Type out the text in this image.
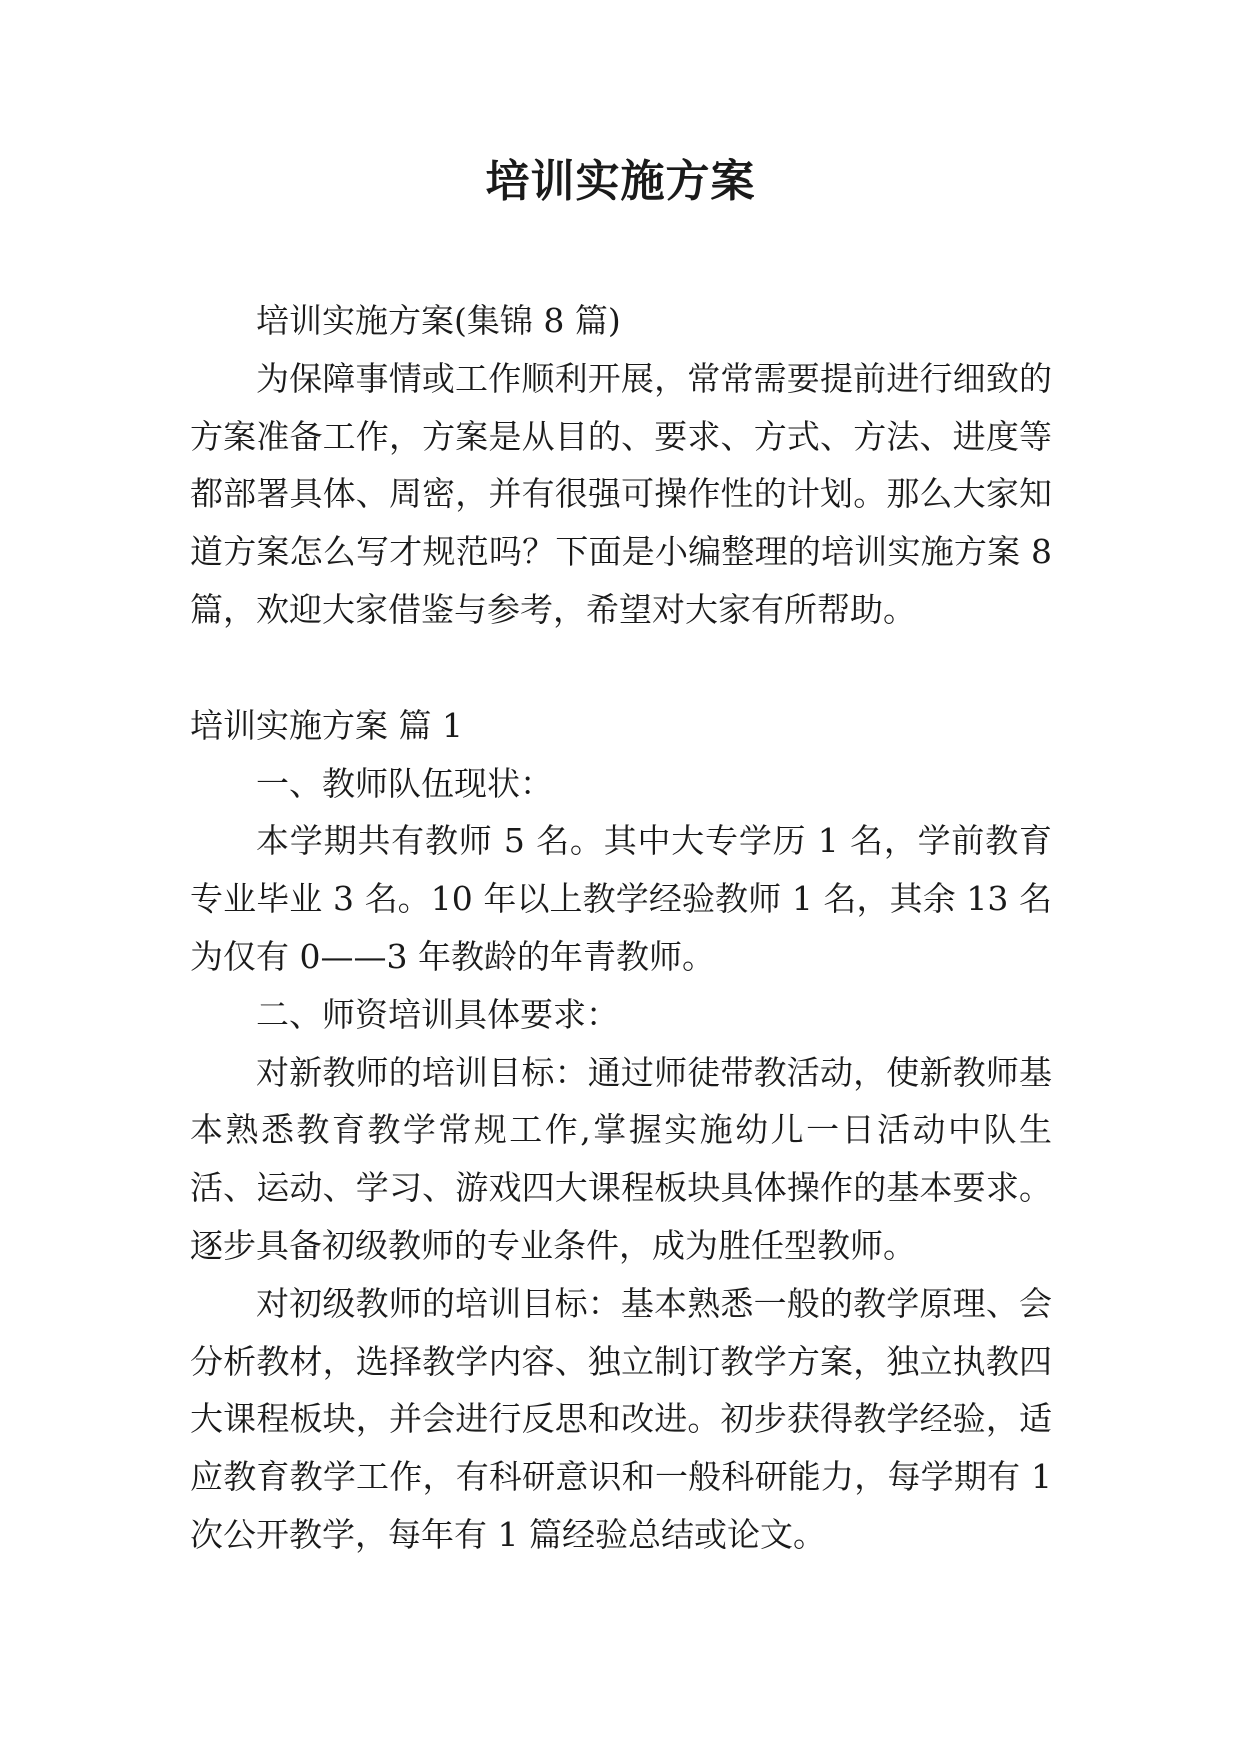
培训实施方案

培训实施方案(集锦 8 篇)

为保障事情或工作顺利开展，常常需要提前进行细致的方案准备工作，方案是从目的、要求、方式、方法、进度等都部署具体、周密，并有很强可操作性的计划。那么大家知道方案怎么写才规范吗？下面是小编整理的培训实施方案 8 篇，欢迎大家借鉴与参考，希望对大家有所帮助。

培训实施方案 篇 1

一、教师队伍现状：

本学期共有教师 5 名。其中大专学历 1 名，学前教育专业毕业 3 名。10 年以上教学经验教师 1 名，其余 13 名为仅有 0——3 年教龄的年青教师。

二、师资培训具体要求：

对新教师的培训目标：通过师徒带教活动，使新教师基本熟悉教育教学常规工作,掌握实施幼儿一日活动中队生活、运动、学习、游戏四大课程板块具体操作的基本要求。逐步具备初级教师的专业条件，成为胜任型教师。

对初级教师的培训目标：基本熟悉一般的教学原理、会分析教材，选择教学内容、独立制订教学方案，独立执教四大课程板块，并会进行反思和改进。初步获得教学经验，适应教育教学工作，有科研意识和一般科研能力，每学期有 1 次公开教学，每年有 1 篇经验总结或论文。
